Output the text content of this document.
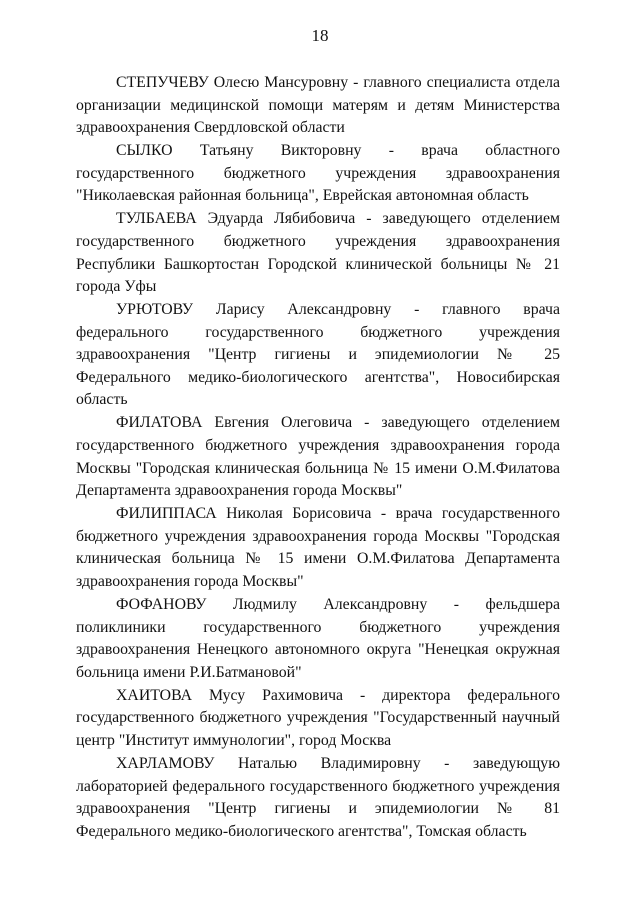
18

СТЕПУЧЕВУ Олесю Мансуровну - главного специалиста отдела организации медицинской помощи матерям и детям Министерства здравоохранения Свердловской области

СЫЛКО Татьяну Викторовну - врача областного государственного бюджетного учреждения здравоохранения "Николаевская районная больница", Еврейская автономная область

ТУЛБАЕВА Эдуарда Лябибовича - заведующего отделением государственного бюджетного учреждения здравоохранения Республики Башкортостан Городской клинической больницы № 21 города Уфы

УРЮТОВУ Ларису Александровну - главного врача федерального государственного бюджетного учреждения здравоохранения "Центр гигиены и эпидемиологии № 25 Федерального медико-биологического агентства", Новосибирская область

ФИЛАТОВА Евгения Олеговича - заведующего отделением государственного бюджетного учреждения здравоохранения города Москвы "Городская клиническая больница № 15 имени О.М.Филатова Департамента здравоохранения города Москвы"

ФИЛИППАСА Николая Борисовича - врача государственного бюджетного учреждения здравоохранения города Москвы "Городская клиническая больница № 15 имени О.М.Филатова Департамента здравоохранения города Москвы"

ФОФАНОВУ Людмилу Александровну - фельдшера поликлиники государственного бюджетного учреждения здравоохранения Ненецкого автономного округа "Ненецкая окружная больница имени Р.И.Батмановой"

ХАИТОВА Мусу Рахимовича - директора федерального государственного бюджетного учреждения "Государственный научный центр "Институт иммунологии", город Москва

ХАРЛАМОВУ Наталью Владимировну - заведующую лабораторией федерального государственного бюджетного учреждения здравоохранения "Центр гигиены и эпидемиологии № 81 Федерального медико-биологического агентства", Томская область
